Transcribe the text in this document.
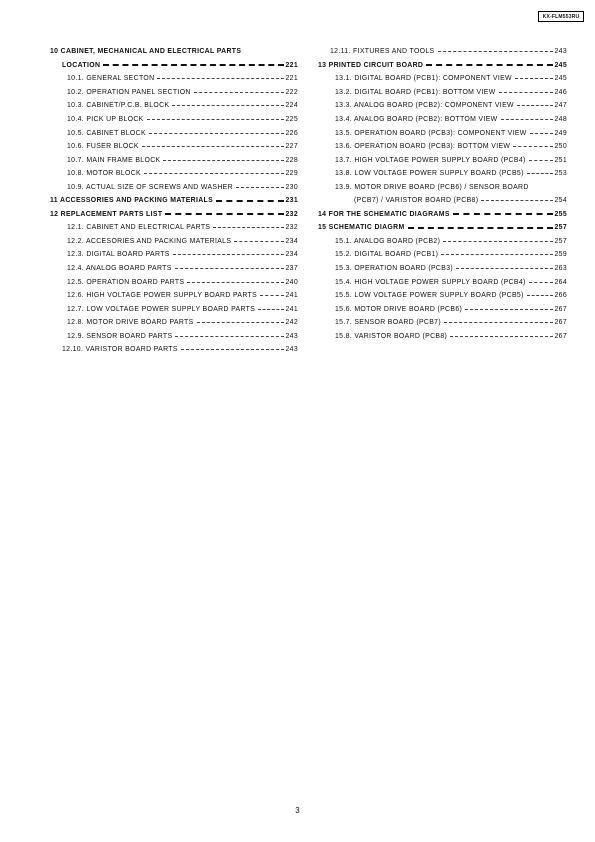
KX-FLM553RU
10 CABINET, MECHANICAL AND ELECTRICAL PARTS
LOCATION	221
10.1. GENERAL SECTON	221
10.2. OPERATION PANEL SECTION	222
10.3. CABINET/P.C.B. BLOCK	224
10.4. PICK UP BLOCK	225
10.5. CABINET BLOCK	226
10.6. FUSER BLOCK	227
10.7. MAIN FRAME BLOCK	228
10.8. MOTOR BLOCK	229
10.9. ACTUAL SIZE OF SCREWS AND WASHER	230
11 ACCESSORIES AND PACKING MATERIALS	231
12 REPLACEMENT PARTS LIST	232
12.1. CABINET AND ELECTRICAL PARTS	232
12.2. ACCESORIES AND PACKING MATERIALS	234
12.3. DIGITAL BOARD PARTS	234
12.4. ANALOG BOARD PARTS	237
12.5. OPERATION BOARD PARTS	240
12.6. HIGH VOLTAGE POWER SUPPLY BOARD PARTS	241
12.7. LOW VOLTAGE POWER SUPPLY BOARD PARTS	241
12.8. MOTOR DRIVE BOARD PARTS	242
12.9. SENSOR BOARD PARTS	243
12.10. VARISTOR BOARD PARTS	243
12.11. FIXTURES AND TOOLS	243
13 PRINTED CIRCUIT BOARD	245
13.1. DIGITAL BOARD (PCB1): COMPONENT VIEW	245
13.2. DIGITAL BOARD (PCB1): BOTTOM VIEW	246
13.3. ANALOG BOARD (PCB2): COMPONENT VIEW	247
13.4. ANALOG BOARD (PCB2): BOTTOM VIEW	248
13.5. OPERATION BOARD (PCB3): COMPONENT VIEW	249
13.6. OPERATION BOARD (PCB3): BOTTOM VIEW	250
13.7. HIGH VOLTAGE POWER SUPPLY BOARD (PCB4)	251
13.8. LOW VOLTAGE POWER SUPPLY BOARD (PCB5)	253
13.9. MOTOR DRIVE BOARD (PCB6) / SENSOR BOARD
(PCB7) / VARISTOR BOARD (PCB8)	254
14 FOR THE SCHEMATIC DIAGRAMS	255
15 SCHEMATIC DIAGRM	257
15.1. ANALOG BOARD (PCB2)	257
15.2. DIGITAL BOARD (PCB1)	259
15.3. OPERATION BOARD (PCB3)	263
15.4. HIGH VOLTAGE POWER SUPPLY BOARD (PCB4)	264
15.5. LOW VOLTAGE POWER SUPPLY BOARD (PCB5)	266
15.6. MOTOR DRIVE BOARD (PCB6)	267
15.7. SENSOR BOARD (PCB7)	267
15.8. VARISTOR BOARD (PCB8)	267
3
